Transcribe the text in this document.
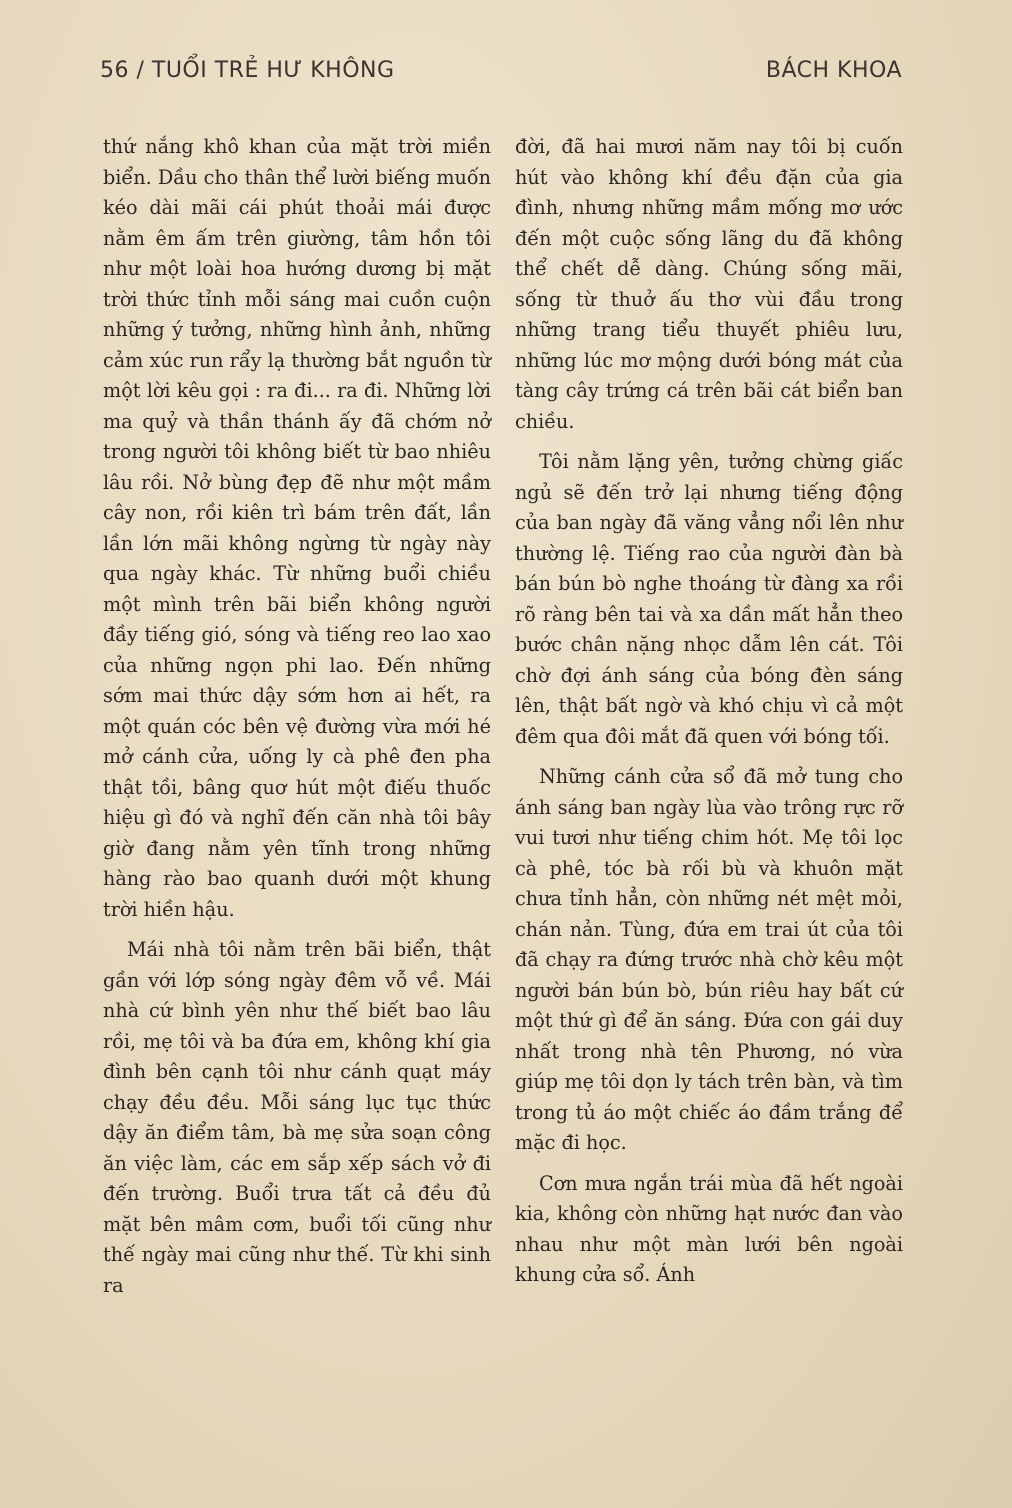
56 / TUỔI TRẺ HƯ KHÔNG	BÁCH KHOA

thứ nắng khô khan của mặt trời miền biển. Dầu cho thân thể lười biếng muốn kéo dài mãi cái phút thoải mái được nằm êm ấm trên giường, tâm hồn tôi như một loài hoa hướng dương bị mặt trời thức tỉnh mỗi sáng mai cuồn cuộn những ý tưởng, những hình ảnh, những cảm xúc run rẩy lạ thường bắt nguồn từ một lời kêu gọi : ra đi... ra đi. Những lời ma quỷ và thần thánh ấy đã chớm nở trong người tôi không biết từ bao nhiêu lâu rồi. Nở bùng đẹp đẽ như một mầm cây non, rồi kiên trì bám trên đất, lần lần lớn mãi không ngừng từ ngày này qua ngày khác. Từ những buổi chiều một mình trên bãi biển không người đầy tiếng gió, sóng và tiếng reo lao xao của những ngọn phi lao. Đến những sớm mai thức dậy sớm hơn ai hết, ra một quán cóc bên vệ đường vừa mới hé mở cánh cửa, uống ly cà phê đen pha thật tồi, bâng quơ hút một điếu thuốc hiệu gì đó và nghĩ đến căn nhà tôi bây giờ đang nằm yên tĩnh trong những hàng rào bao quanh dưới một khung trời hiền hậu.

Mái nhà tôi nằm trên bãi biển, thật gần với lớp sóng ngày đêm vỗ về. Mái nhà cứ bình yên như thế biết bao lâu rồi, mẹ tôi và ba đứa em, không khí gia đình bên cạnh tôi như cánh quạt máy chạy đều đều. Mỗi sáng lục tục thức dậy ăn điểm tâm, bà mẹ sửa soạn công ăn việc làm, các em sắp xếp sách vở đi đến trường. Buổi trưa tất cả đều đủ mặt bên mâm cơm, buổi tối cũng như thế ngày mai cũng như thế. Từ khi sinh ra

đời, đã hai mươi năm nay tôi bị cuốn hút vào không khí đều đặn của gia đình, nhưng những mầm mống mơ ước đến một cuộc sống lãng du đã không thể chết dễ dàng. Chúng sống mãi, sống từ thuở ấu thơ vùi đầu trong những trang tiểu thuyết phiêu lưu, những lúc mơ mộng dưới bóng mát của tàng cây trứng cá trên bãi cát biển ban chiều.

Tôi nằm lặng yên, tưởng chừng giấc ngủ sẽ đến trở lại nhưng tiếng động của ban ngày đã văng vẳng nổi lên như thường lệ. Tiếng rao của người đàn bà bán bún bò nghe thoáng từ đàng xa rồi rõ ràng bên tai và xa dần mất hẳn theo bước chân nặng nhọc dẫm lên cát. Tôi chờ đợi ánh sáng của bóng đèn sáng lên, thật bất ngờ và khó chịu vì cả một đêm qua đôi mắt đã quen với bóng tối.

Những cánh cửa sổ đã mở tung cho ánh sáng ban ngày lùa vào trông rực rỡ vui tươi như tiếng chim hót. Mẹ tôi lọc cà phê, tóc bà rối bù và khuôn mặt chưa tỉnh hẳn, còn những nét mệt mỏi, chán nản. Tùng, đứa em trai út của tôi đã chạy ra đứng trước nhà chờ kêu một người bán bún bò, bún riêu hay bất cứ một thứ gì để ăn sáng. Đứa con gái duy nhất trong nhà tên Phương, nó vừa giúp mẹ tôi dọn ly tách trên bàn, và tìm trong tủ áo một chiếc áo đầm trắng để mặc đi học.

Cơn mưa ngắn trái mùa đã hết ngoài kia, không còn những hạt nước đan vào nhau như một màn lưới bên ngoài khung cửa sổ. Ánh
